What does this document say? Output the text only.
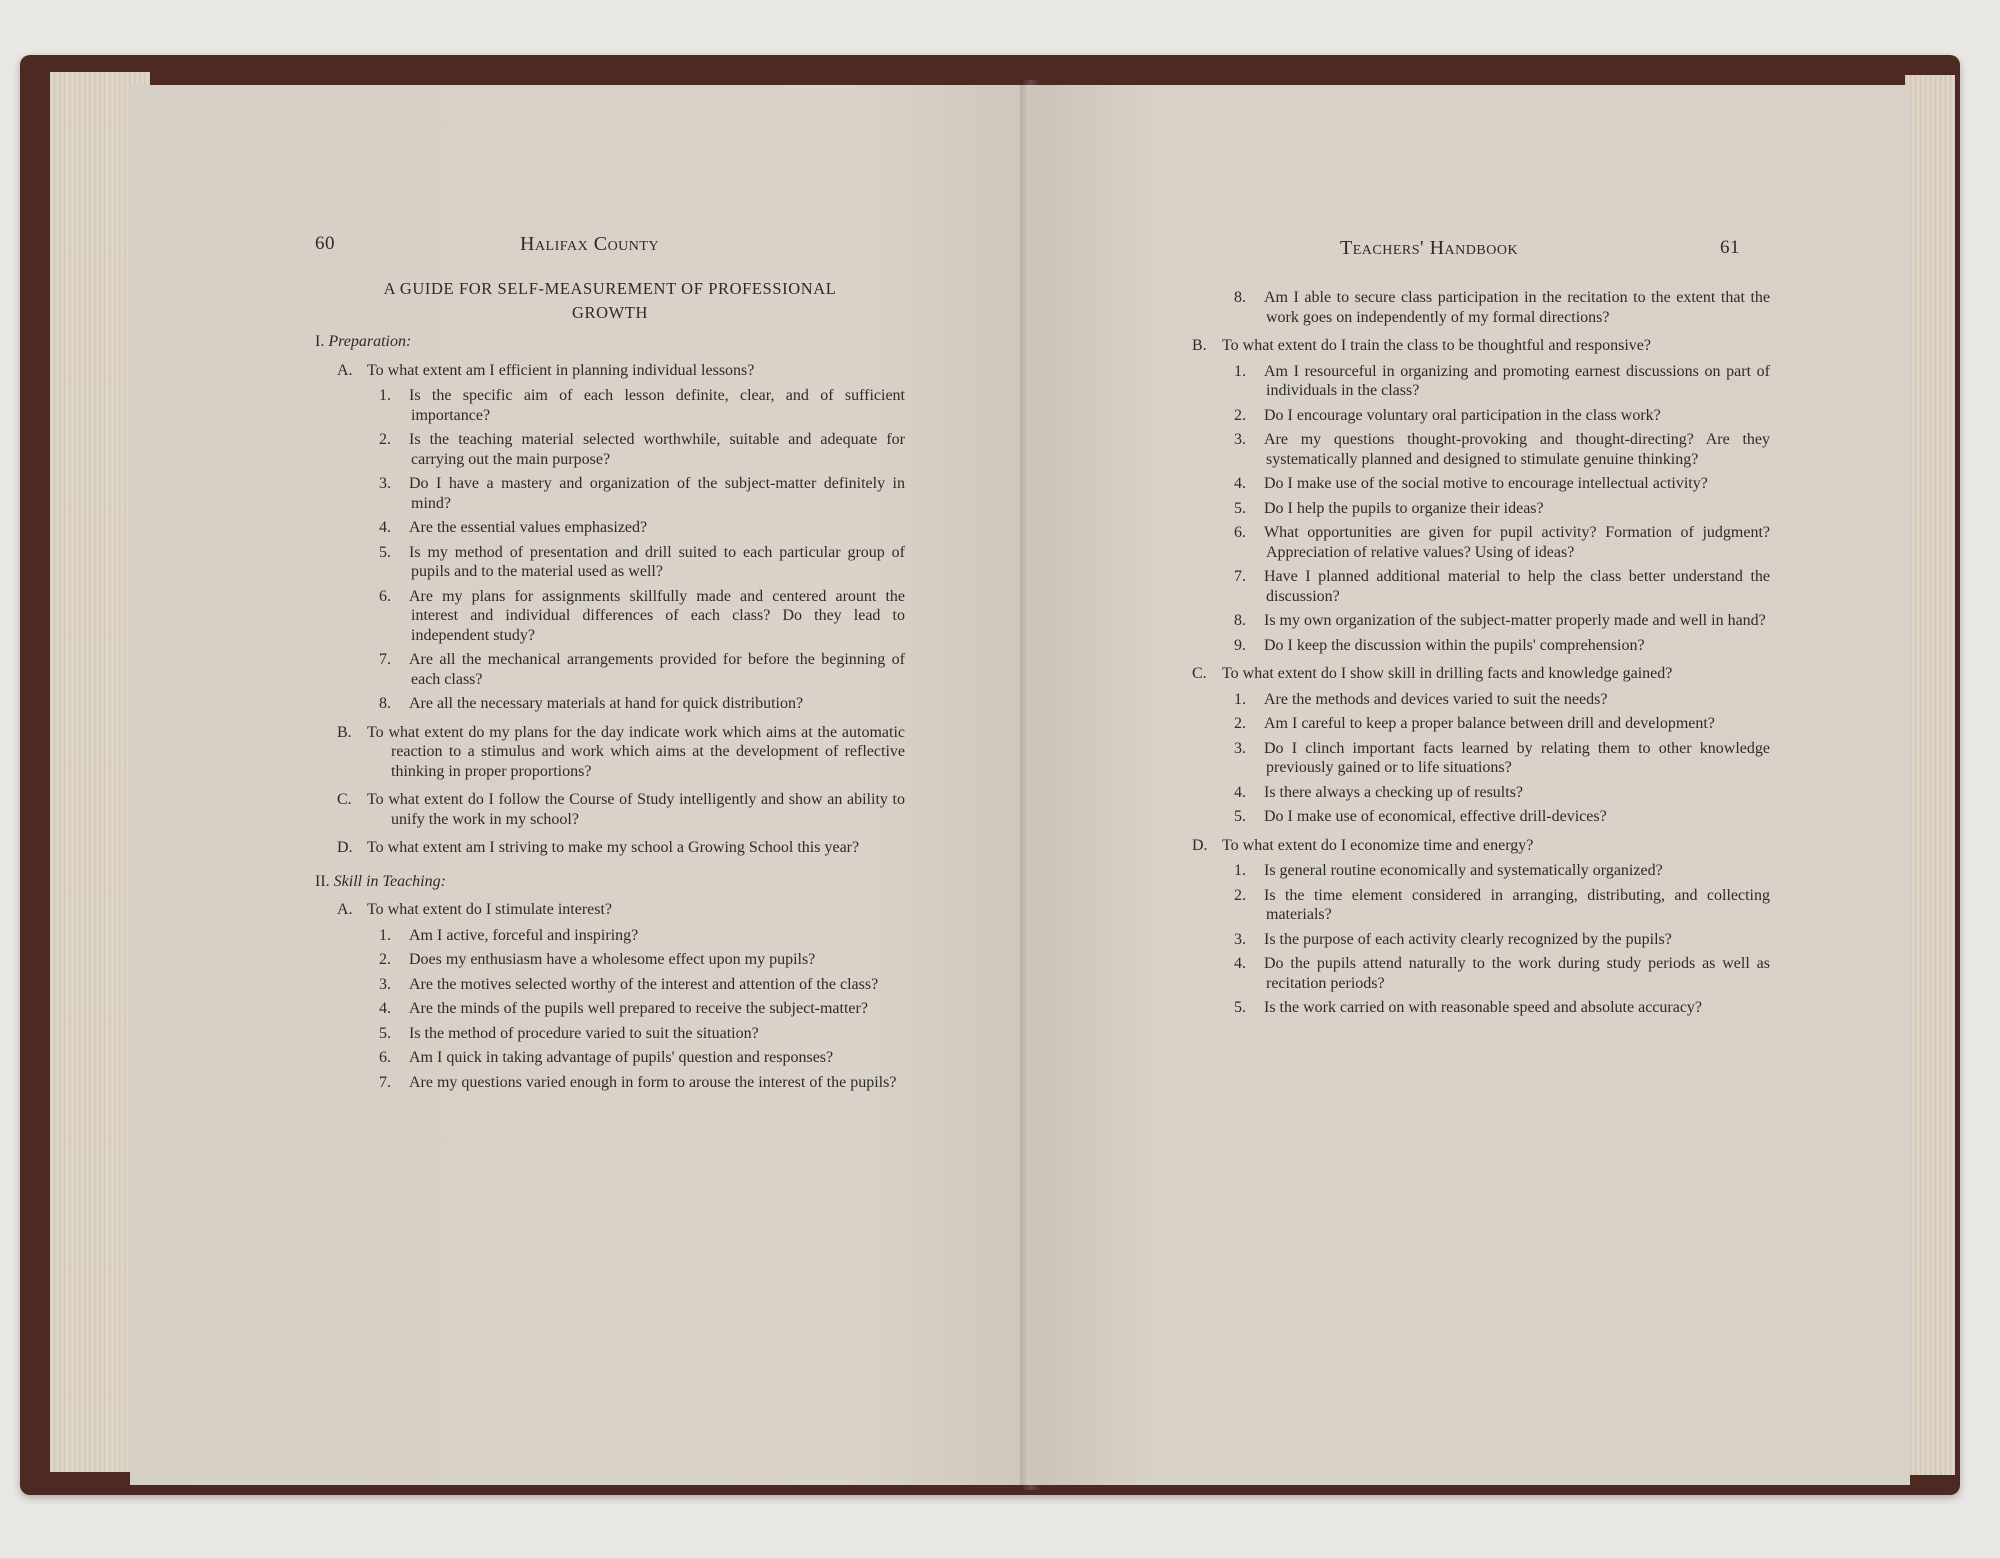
60	Halifax County
A GUIDE FOR SELF-MEASUREMENT OF PROFESSIONAL
GROWTH
I. Preparation:
A. To what extent am I efficient in planning individual lessons?
1. Is the specific aim of each lesson definite, clear, and of sufficient importance?
2. Is the teaching material selected worthwhile, suitable and adequate for carrying out the main purpose?
3. Do I have a mastery and organization of the subject-matter definitely in mind?
4. Are the essential values emphasized?
5. Is my method of presentation and drill suited to each particular group of pupils and to the material used as well?
6. Are my plans for assignments skillfully made and centered arount the interest and individual differences of each class? Do they lead to independent study?
7. Are all the mechanical arrangements provided for before the beginning of each class?
8. Are all the necessary materials at hand for quick distribution?
B. To what extent do my plans for the day indicate work which aims at the automatic reaction to a stimulus and work which aims at the development of reflective thinking in proper proportions?
C. To what extent do I follow the Course of Study intelligently and show an ability to unify the work in my school?
D. To what extent am I striving to make my school a Growing School this year?
II. Skill in Teaching:
A. To what extent do I stimulate interest?
1. Am I active, forceful and inspiring?
2. Does my enthusiasm have a wholesome effect upon my pupils?
3. Are the motives selected worthy of the interest and attention of the class?
4. Are the minds of the pupils well prepared to receive the subject-matter?
5. Is the method of procedure varied to suit the situation?
6. Am I quick in taking advantage of pupils' question and responses?
7. Are my questions varied enough in form to arouse the interest of the pupils?
Teachers' Handbook	61
8. Am I able to secure class participation in the recitation to the extent that the work goes on independently of my formal directions?
B. To what extent do I train the class to be thoughtful and responsive?
1. Am I resourceful in organizing and promoting earnest discussions on part of individuals in the class?
2. Do I encourage voluntary oral participation in the class work?
3. Are my questions thought-provoking and thought-directing? Are they systematically planned and designed to stimulate genuine thinking?
4. Do I make use of the social motive to encourage intellectual activity?
5. Do I help the pupils to organize their ideas?
6. What opportunities are given for pupil activity? Formation of judgment? Appreciation of relative values? Using of ideas?
7. Have I planned additional material to help the class better understand the discussion?
8. Is my own organization of the subject-matter properly made and well in hand?
9. Do I keep the discussion within the pupils' comprehension?
C. To what extent do I show skill in drilling facts and knowledge gained?
1. Are the methods and devices varied to suit the needs?
2. Am I careful to keep a proper balance between drill and development?
3. Do I clinch important facts learned by relating them to other knowledge previously gained or to life situations?
4. Is there always a checking up of results?
5. Do I make use of economical, effective drill-devices?
D. To what extent do I economize time and energy?
1. Is general routine economically and systematically organized?
2. Is the time element considered in arranging, distributing, and collecting materials?
3. Is the purpose of each activity clearly recognized by the pupils?
4. Do the pupils attend naturally to the work during study periods as well as recitation periods?
5. Is the work carried on with reasonable speed and absolute accuracy?
